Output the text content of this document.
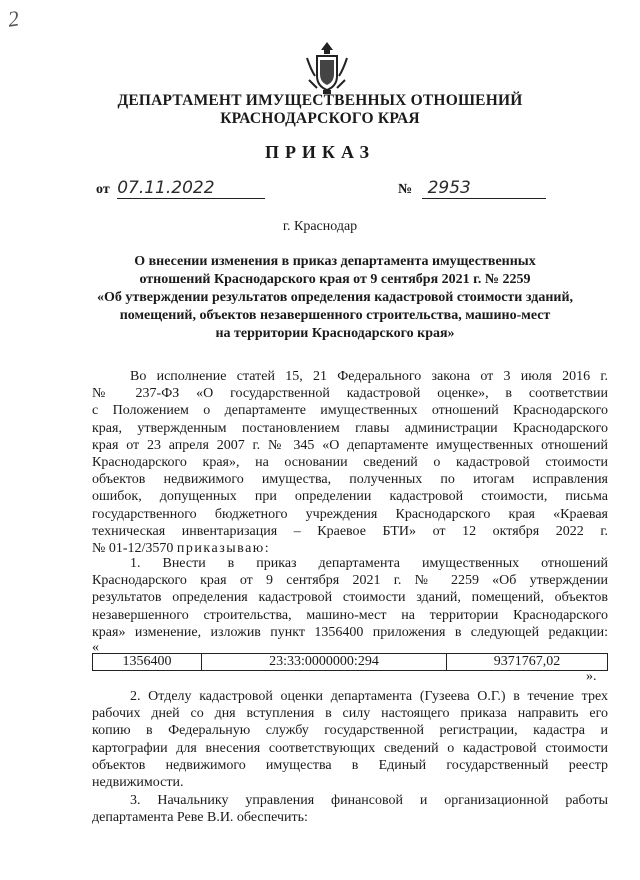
2
ДЕПАРТАМЕНТ ИМУЩЕСТВЕННЫХ ОТНОШЕНИЙ
КРАСНОДАРСКОГО КРАЯ
ПРИКАЗ
от 07.11.2022	№ 2953
г. Краснодар
О внесении изменения в приказ департамента имущественных
отношений Краснодарского края от 9 сентября 2021 г. № 2259
«Об утверждении результатов определения кадастровой стоимости зданий,
помещений, объектов незавершенного строительства, машино-мест
на территории Краснодарского края»
Во исполнение статей 15, 21 Федерального закона от 3 июля 2016 г.
№ 237-ФЗ «О государственной кадастровой оценке», в соответствии
с Положением о департаменте имущественных отношений Краснодарского
края, утвержденным постановлением главы администрации Краснодарского
края от 23 апреля 2007 г. № 345 «О департаменте имущественных отношений
Краснодарского края», на основании сведений о кадастровой стоимости
объектов недвижимого имущества, полученных по итогам исправления
ошибок, допущенных при определении кадастровой стоимости, письма
государственного бюджетного учреждения Краснодарского края «Краевая
техническая инвентаризация – Краевое БТИ» от 12 октября 2022 г.
№ 01-12/3570 приказываю:
1. Внести в приказ департамента имущественных отношений
Краснодарского края от 9 сентября 2021 г. № 2259 «Об утверждении
результатов определения кадастровой стоимости зданий, помещений, объектов
незавершенного строительства, машино-мест на территории Краснодарского
края» изменение, изложив пункт 1356400 приложения в следующей редакции:
«
1356400	23:33:0000000:294	9371767,02
».
2. Отделу кадастровой оценки департамента (Гузеева О.Г.) в течение трех
рабочих дней со дня вступления в силу настоящего приказа направить его
копию в Федеральную службу государственной регистрации, кадастра и
картографии для внесения соответствующих сведений о кадастровой стоимости
объектов недвижимого имущества в Единый государственный реестр
недвижимости.
3. Начальнику управления финансовой и организационной работы
департамента Реве В.И. обеспечить:
